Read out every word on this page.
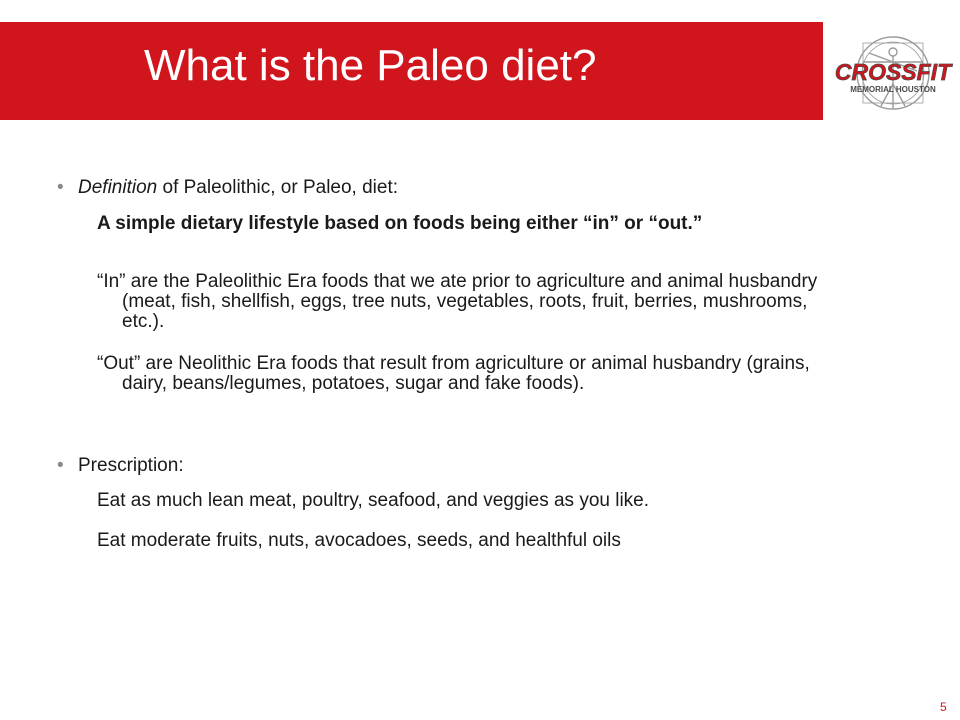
What is the Paleo diet?	CROSSFIT
MEMORIAL HOUSTON
• Definition of Paleolithic, or Paleo, diet:
A simple dietary lifestyle based on foods being either “in” or “out.”
“In” are the Paleolithic Era foods that we ate prior to agriculture and animal husbandry (meat, fish, shellfish, eggs, tree nuts, vegetables, roots, fruit, berries, mushrooms, etc.).
“Out” are Neolithic Era foods that result from agriculture or animal husbandry (grains, dairy, beans/legumes, potatoes, sugar and fake foods).
• Prescription:
Eat as much lean meat, poultry, seafood, and veggies as you like.
Eat moderate fruits, nuts, avocadoes, seeds, and healthful oils
5
